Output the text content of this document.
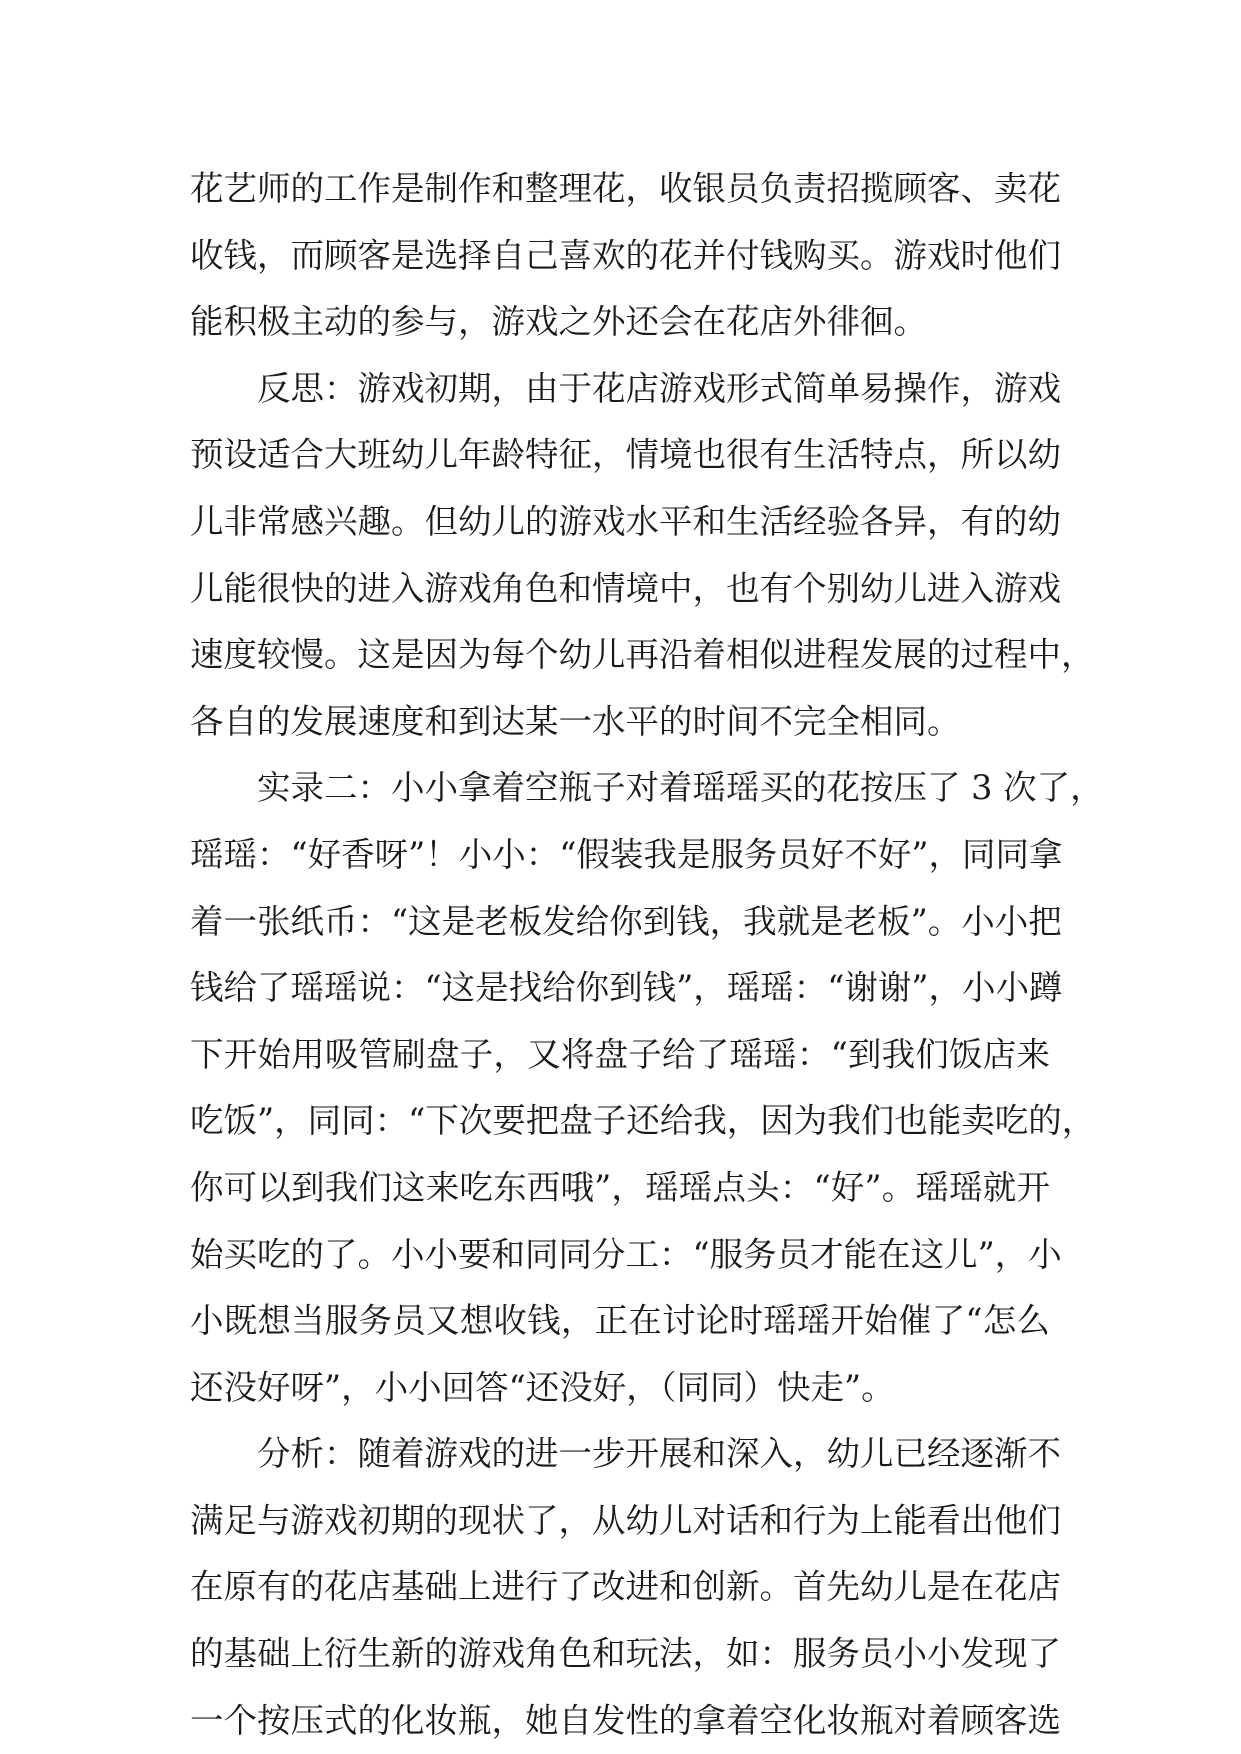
花艺师的工作是制作和整理花，收银员负责招揽顾客、卖花
收钱，而顾客是选择自己喜欢的花并付钱购买。游戏时他们
能积极主动的参与，游戏之外还会在花店外徘徊。
反思：游戏初期，由于花店游戏形式简单易操作，游戏
预设适合大班幼儿年龄特征，情境也很有生活特点，所以幼
儿非常感兴趣。但幼儿的游戏水平和生活经验各异，有的幼
儿能很快的进入游戏角色和情境中，也有个别幼儿进入游戏
速度较慢。这是因为每个幼儿再沿着相似进程发展的过程中，
各自的发展速度和到达某一水平的时间不完全相同。
实录二：小小拿着空瓶子对着瑶瑶买的花按压了 3 次了，
瑶瑶：“好香呀”！小小：“假装我是服务员好不好”，同同拿
着一张纸币：“这是老板发给你到钱，我就是老板”。小小把
钱给了瑶瑶说：“这是找给你到钱”，瑶瑶：“谢谢”，小小蹲
下开始用吸管刷盘子，又将盘子给了瑶瑶：“到我们饭店来
吃饭”，同同：“下次要把盘子还给我，因为我们也能卖吃的，
你可以到我们这来吃东西哦”，瑶瑶点头：“好”。瑶瑶就开
始买吃的了。小小要和同同分工：“服务员才能在这儿”，小
小既想当服务员又想收钱，正在讨论时瑶瑶开始催了“怎么
还没好呀”，小小回答“还没好，（同同）快走”。
分析：随着游戏的进一步开展和深入，幼儿已经逐渐不
满足与游戏初期的现状了，从幼儿对话和行为上能看出他们
在原有的花店基础上进行了改进和创新。首先幼儿是在花店
的基础上衍生新的游戏角色和玩法，如：服务员小小发现了
一个按压式的化妆瓶，她自发性的拿着空化妆瓶对着顾客选
